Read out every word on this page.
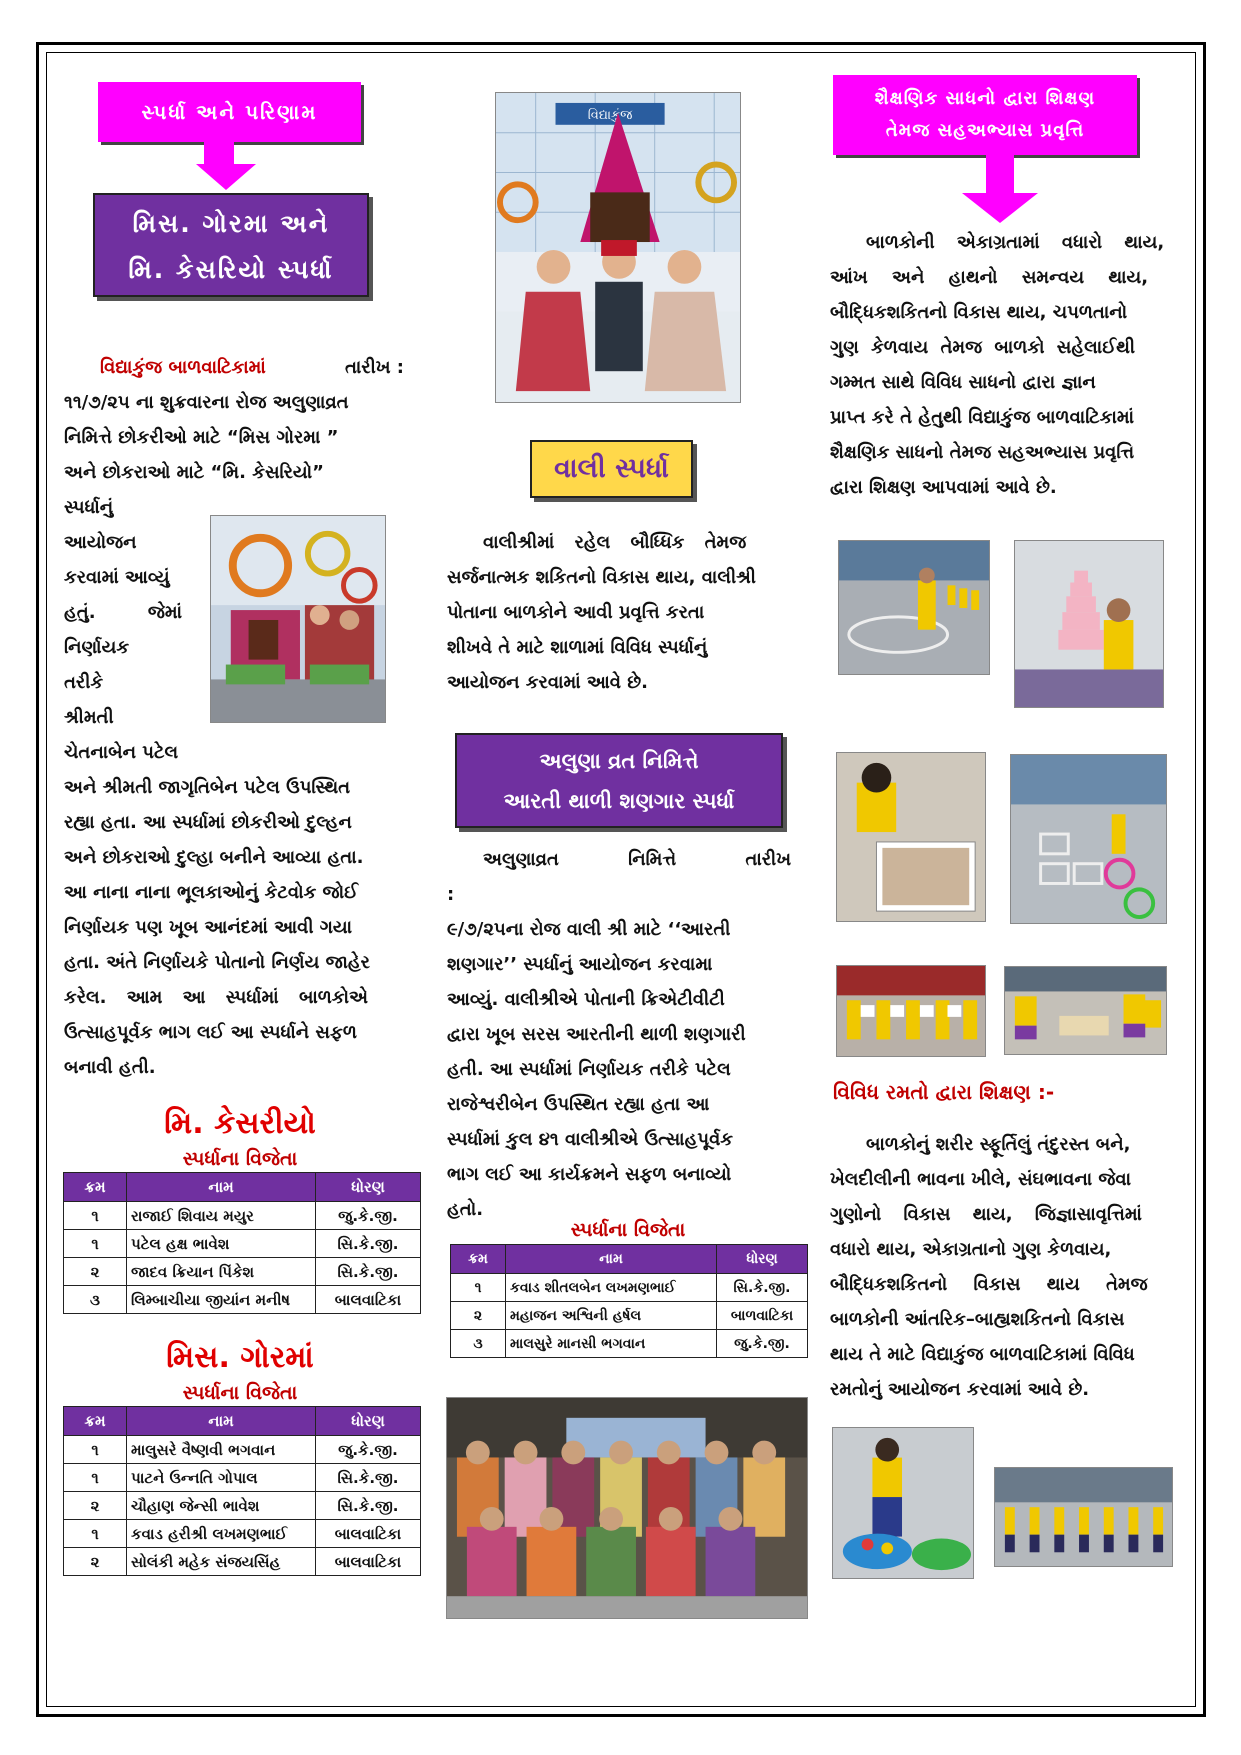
સ્પર્ધા અને પરિણામ
મિસ. ગોરમા અને
મિ. કેસરિયો સ્પર્ધા
વિદ્યાકુંજ બાળવાટિકામાં	તારીખ :
૧૧/૭/૨૫ ના શુક્રવારના રોજ અલુણાવ્રત
નિમિત્તે છોકરીઓ માટે “મિસ ગોરમા ”
અને છોકરાઓ માટે “મિ. કેસરિયો”
સ્પર્ધાનું
આયોજન
કરવામાં આવ્યું
હતું. જેમાં
નિર્ણાયક તરીકે
શ્રીમતી
ચેતનાબેન પટેલ
અને શ્રીમતી જાગૃતિબેન પટેલ ઉપસ્થિત
રહ્યા હતા. આ સ્પર્ધામાં છોકરીઓ દુલ્હન
અને છોકરાઓ દુલ્હા બનીને આવ્યા હતા.
આ નાના નાના ભૂલકાઓનું કેટવોક જોઈ
નિર્ણાયક પણ ખૂબ આનંદમાં આવી ગયા
હતા. અંતે નિર્ણાયકે પોતાનો નિર્ણય જાહેર
કરેલ. આમ આ સ્પર્ધામાં બાળકોએ
ઉત્સાહપૂર્વક ભાગ લઈ આ સ્પર્ધાને સફળ
બનાવી હતી.
મિ. કેસરીયો
સ્પર્ધાના વિજેતા
ક્રમ	નામ	ધોરણ
૧	રાજાઈ શિવાય મયુર	જુ.કે.જી.
૧	પટેલ હક્ષ ભાવેશ	સિ.કે.જી.
૨	જાદવ ક્રિયાન પિંકેશ	સિ.કે.જી.
૩	લિમ્બાચીયા જીયાંન મનીષ	બાલવાટિકા
મિસ. ગોરમાં
સ્પર્ધાના વિજેતા
ક્રમ	નામ	ધોરણ
૧	માલુસરે વૈષ્ણવી ભગવાન	જુ.કે.જી.
૧	પાટને ઉન્નતિ ગોપાલ	સિ.કે.જી.
૨	ચૌહાણ જેન્સી ભાવેશ	સિ.કે.જી.
૧	કવાડ હરીશ્રી લખમણભાઈ	બાલવાટિકા
૨	સોલંકી મહેક સંજયસિંહ	બાલવાટિકા
વિદ્યાકુંજ
વાલી સ્પર્ધા
વાલીશ્રીમાં રહેલ બૌધ્ધિક તેમજ
સર્જનાત્મક શકિતનો વિકાસ થાય, વાલીશ્રી
પોતાના બાળકોને આવી પ્રવૃત્તિ કરતા
શીખવે તે માટે શાળામાં વિવિધ સ્પર્ધાનું
આયોજન કરવામાં આવે છે.
અલુણા વ્રત નિમિત્તે
આરતી થાળી શણગાર સ્પર્ધા
અલુણાવ્રત નિમિત્તે તારીખ :
૯/૭/૨૫ના રોજ વાલી શ્રી માટે ‘‘આરતી
શણગાર’’ સ્પર્ધાનું આયોજન કરવામા
આવ્યું. વાલીશ્રીએ પોતાની ક્રિએટીવીટી
દ્વારા ખૂબ સરસ આરતીની થાળી શણગારી
હતી. આ સ્પર્ધામાં નિર્ણાયક તરીકે પટેલ
રાજેશ્વરીબેન ઉપસ્થિત રહ્યા હતા આ
સ્પર્ધામાં કુલ ૪૧ વાલીશ્રીએ ઉત્સાહપૂર્વક
ભાગ લઈ આ કાર્યક્રમને સફળ બનાવ્યો
હતો.
સ્પર્ધાના વિજેતા
ક્રમ	નામ	ધોરણ
૧	કવાડ શીતલબેન લખમણભાઈ	સિ.કે.જી.
૨	મહાજન અશ્વિની હર્ષલ	બાળવાટિકા
૩	માલસુરે માનસી ભગવાન	જુ.કે.જી.
શૈક્ષણિક સાધનો દ્વારા શિક્ષણ
તેમજ સહઅભ્યાસ પ્રવૃત્તિ
બાળકોની એકાગ્રતામાં વધારો થાય,
આંખ અને હાથનો સમન્વય થાય,
બૌદ્ધિકશકિતનો વિકાસ થાય, ચપળતાનો
ગુણ કેળવાય તેમજ બાળકો સહેલાઈથી
ગમ્મત સાથે વિવિધ સાધનો દ્વારા જ્ઞાન
પ્રાપ્ત કરે તે હેતુથી વિદ્યાકુંજ બાળવાટિકામાં
શૈક્ષણિક સાધનો તેમજ સહઅભ્યાસ પ્રવૃત્તિ
દ્વારા શિક્ષણ આપવામાં આવે છે.
વિવિધ રમતો દ્વારા શિક્ષણ :-
બાળકોનું શરીર સ્ફૂર્તિલું તંદુરસ્ત બને,
ખેલદીલીની ભાવના ખીલે, સંઘભાવના જેવા
ગુણોનો વિકાસ થાય, જિજ્ઞાસાવૃત્તિમાં
વધારો થાય, એકાગ્રતાનો ગુણ કેળવાય,
બૌદ્ધિકશકિતનો વિકાસ થાય તેમજ
બાળકોની આંતરિક–બાહ્યશકિતનો વિકાસ
થાય તે માટે વિદ્યાકુંજ બાળવાટિકામાં વિવિધ
રમતોનું આયોજન કરવામાં આવે છે.
